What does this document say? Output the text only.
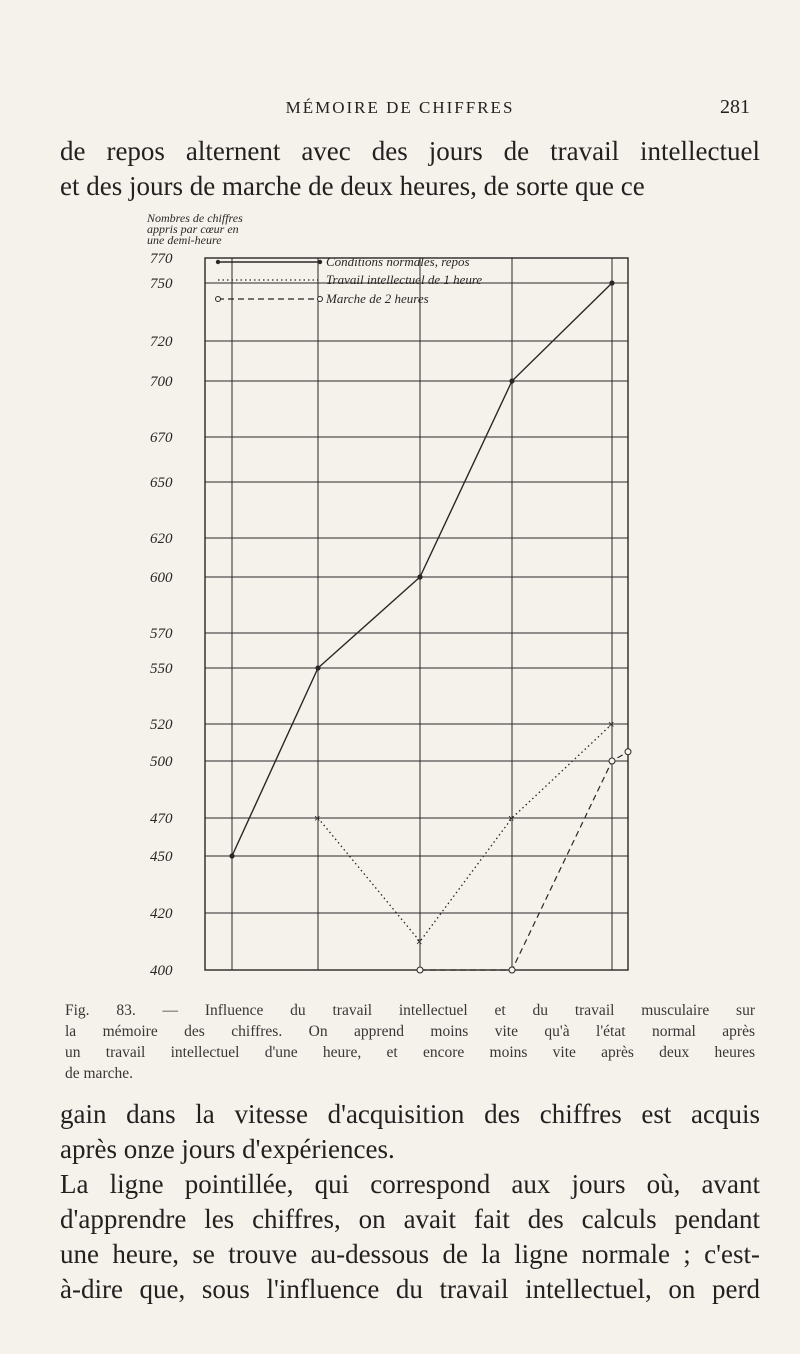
MÉMOIRE DE CHIFFRES	281

de repos alternent avec des jours de travail intellectuel
et des jours de marche de deux heures, de sorte que ce

770
750
720
700
670
650
620
600
570
550
520
500
470
450
420
400
Nombres de chiffres
appris par cœur en
une demi-heure
×
×
×
×
Conditions normales, repos
Travail intellectuel de 1 heure
Marche de 2 heures

Fig. 83. — Influence du travail intellectuel et du travail musculaire sur
la mémoire des chiffres. On apprend moins vite qu'à l'état normal après
un travail intellectuel d'une heure, et encore moins vite après deux heures
de marche.

gain dans la vitesse d'acquisition des chiffres est acquis
après onze jours d'expériences.
La ligne pointillée, qui correspond aux jours où, avant
d'apprendre les chiffres, on avait fait des calculs pendant
une heure, se trouve au-dessous de la ligne normale ; c'est-
à-dire que, sous l'influence du travail intellectuel, on perd
